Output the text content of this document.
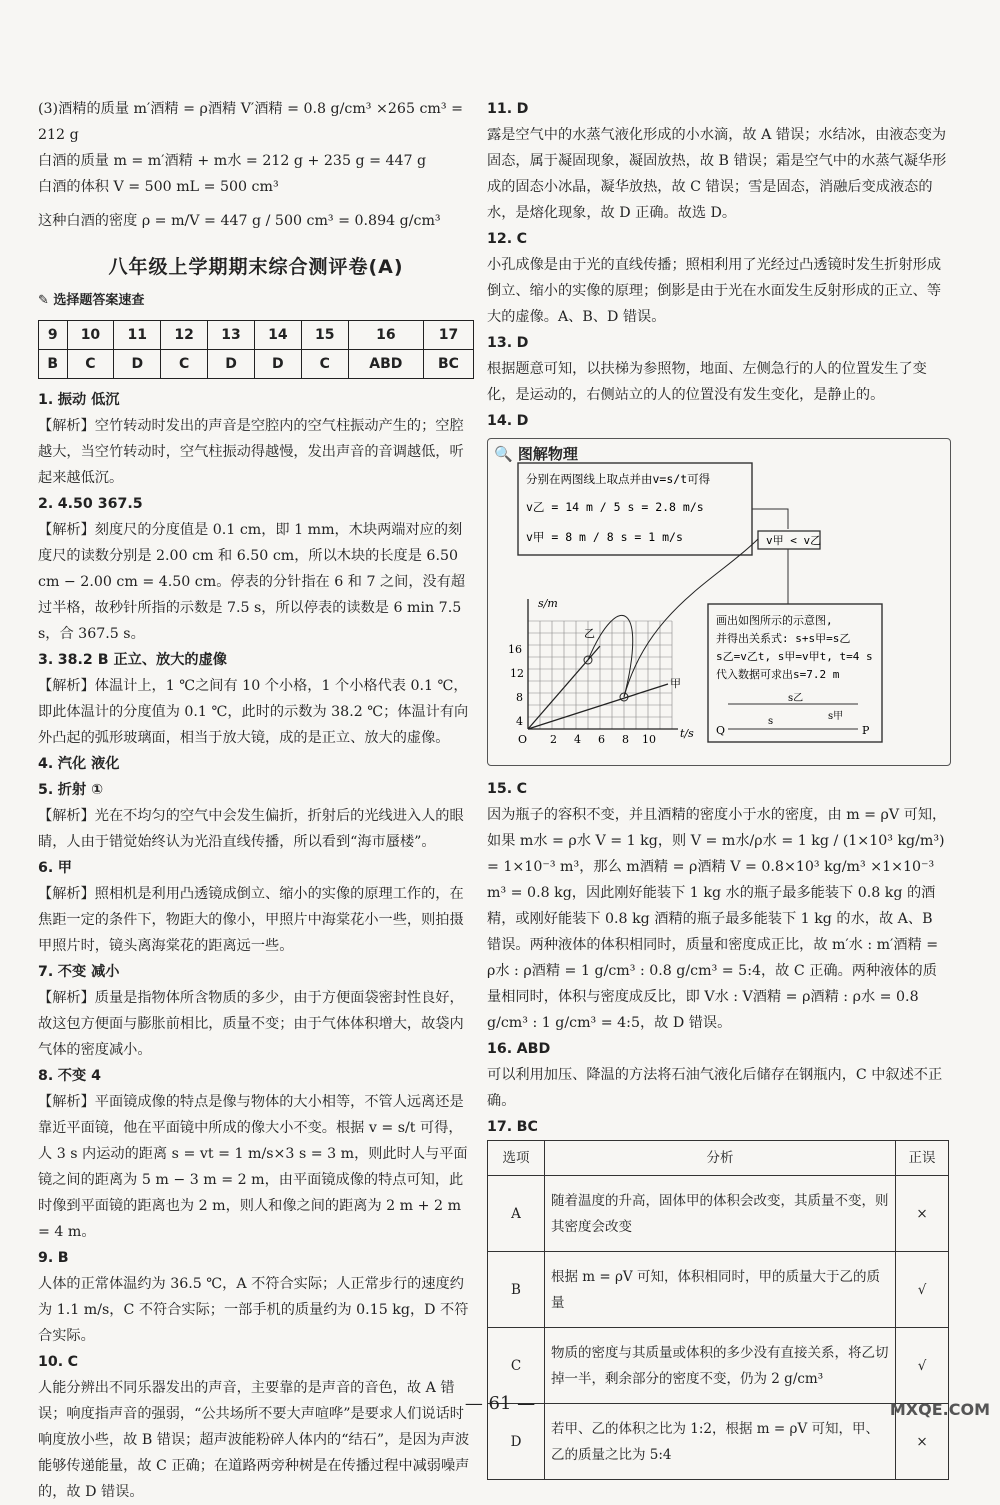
(3)酒精的质量 m′酒精 = ρ酒精 V′酒精 = 0.8 g/cm³ ×265 cm³ = 212 g

白酒的质量 m = m′酒精 + m水 = 212 g + 235 g = 447 g

白酒的体积 V = 500 mL = 500 cm³

这种白酒的密度 ρ = m/V = 447 g / 500 cm³ = 0.894 g/cm³

八年级上学期期末综合测评卷(A)
✎ 选择题答案速查
9	10	11	12	13	14	15	16	17
B	C	D	C	D	D	C	ABD	BC

1. 振动 低沉

【解析】空竹转动时发出的声音是空腔内的空气柱振动产生的；空腔越大，当空竹转动时，空气柱振动得越慢，发出声音的音调越低，听起来越低沉。

2. 4.50 367.5

【解析】刻度尺的分度值是 0.1 cm，即 1 mm，木块两端对应的刻度尺的读数分别是 2.00 cm 和 6.50 cm，所以木块的长度是 6.50 cm − 2.00 cm = 4.50 cm。停表的分针指在 6 和 7 之间，没有超过半格，故秒针所指的示数是 7.5 s，所以停表的读数是 6 min 7.5 s，合 367.5 s。

3. 38.2 B 正立、放大的虚像

【解析】体温计上，1 ℃之间有 10 个小格，1 个小格代表 0.1 ℃，即此体温计的分度值为 0.1 ℃，此时的示数为 38.2 ℃；体温计有向外凸起的弧形玻璃面，相当于放大镜，成的是正立、放大的虚像。

4. 汽化 液化

5. 折射 ①

【解析】光在不均匀的空气中会发生偏折，折射后的光线进入人的眼睛，人由于错觉始终认为光沿直线传播，所以看到“海市蜃楼”。

6. 甲

【解析】照相机是利用凸透镜成倒立、缩小的实像的原理工作的，在焦距一定的条件下，物距大的像小，甲照片中海棠花小一些，则拍摄甲照片时，镜头离海棠花的距离远一些。

7. 不变 减小

【解析】质量是指物体所含物质的多少，由于方便面袋密封性良好，故这包方便面与膨胀前相比，质量不变；由于气体体积增大，故袋内气体的密度减小。

8. 不变 4

【解析】平面镜成像的特点是像与物体的大小相等，不管人远离还是靠近平面镜，他在平面镜中所成的像大小不变。根据 v = s/t 可得，人 3 s 内运动的距离 s = vt = 1 m/s×3 s = 3 m，则此时人与平面镜之间的距离为 5 m − 3 m = 2 m，由平面镜成像的特点可知，此时像到平面镜的距离也为 2 m，则人和像之间的距离为 2 m + 2 m = 4 m。

9. B

人体的正常体温约为 36.5 ℃，A 不符合实际；人正常步行的速度约为 1.1 m/s，C 不符合实际；一部手机的质量约为 0.15 kg，D 不符合实际。

10. C

人能分辨出不同乐器发出的声音，主要靠的是声音的音色，故 A 错误；响度指声音的强弱，“公共场所不要大声喧哗”是要求人们说话时响度放小些，故 B 错误；超声波能粉碎人体内的“结石”，是因为声波能够传递能量，故 C 正确；在道路两旁种树是在传播过程中减弱噪声的，故 D 错误。

11. D

露是空气中的水蒸气液化形成的小水滴，故 A 错误；水结冰，由液态变为固态，属于凝固现象，凝固放热，故 B 错误；霜是空气中的水蒸气凝华形成的固态小冰晶，凝华放热，故 C 错误；雪是固态，消融后变成液态的水，是熔化现象，故 D 正确。故选 D。

12. C

小孔成像是由于光的直线传播；照相利用了光经过凸透镜时发生折射形成倒立、缩小的实像的原理；倒影是由于光在水面发生反射形成的正立、等大的虚像。A、B、D 错误。

13. D

根据题意可知，以扶梯为参照物，地面、左侧急行的人的位置发生了变化，是运动的，右侧站立的人的位置没有发生变化，是静止的。

14. D

🔍 图解物理
分别在两图线上取点并由v=s/t可得
v乙 = 14 m / 5 s = 2.8 m/s
v甲 = 8 m / 8 s = 1 m/s	v甲 < v乙
画出如图所示的示意图,
并得出关系式: s+s甲=s乙
s乙=v乙t, s甲=v甲t, t=4 s
代入数据可求出s=7.2 m
s乙
s甲
s
Q	P
s/m
t/s
16
12
8
4
O 2 4 6 8 10
乙
甲

15. C

因为瓶子的容积不变，并且酒精的密度小于水的密度，由 m = ρV 可知，如果 m水 = ρ水 V = 1 kg，则 V = m水/ρ水 = 1 kg / (1×10³ kg/m³) = 1×10⁻³ m³，那么 m酒精 = ρ酒精 V = 0.8×10³ kg/m³ ×1×10⁻³ m³ = 0.8 kg，因此刚好能装下 1 kg 水的瓶子最多能装下 0.8 kg 的酒精，或刚好能装下 0.8 kg 酒精的瓶子最多能装下 1 kg 的水，故 A、B 错误。两种液体的体积相同时，质量和密度成正比，故 m′水 : m′酒精 = ρ水 : ρ酒精 = 1 g/cm³ : 0.8 g/cm³ = 5:4，故 C 正确。两种液体的质量相同时，体积与密度成反比，即 V水 : V酒精 = ρ酒精 : ρ水 = 0.8 g/cm³ : 1 g/cm³ = 4:5，故 D 错误。

16. ABD

可以利用加压、降温的方法将石油气液化后储存在钢瓶内，C 中叙述不正确。

17. BC

选项	分析	正误
A	随着温度的升高，固体甲的体积会改变，其质量不变，则其密度会改变	×
B	根据 m = ρV 可知，体积相同时，甲的质量大于乙的质量	√
C	物质的密度与其质量或体积的多少没有直接关系，将乙切掉一半，剩余部分的密度不变，仍为 2 g/cm³	√
D	若甲、乙的体积之比为 1:2，根据 m = ρV 可知，甲、乙的质量之比为 5:4	×
— 61 —	MXQE.COM
